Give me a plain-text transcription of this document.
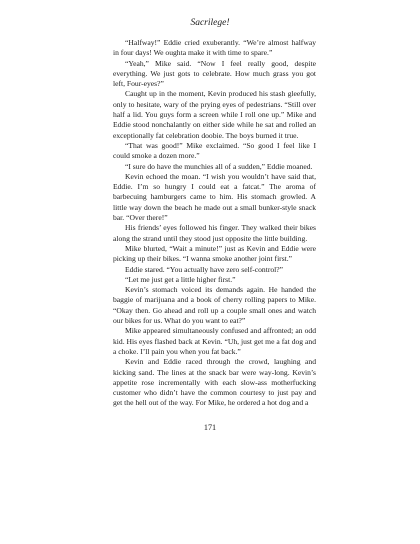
Sacrilege!

“Halfway!” Eddie cried exuberantly. “We’re almost halfway in four days! We oughta make it with time to spare.”

“Yeah,” Mike said. “Now I feel really good, despite everything. We just gots to celebrate. How much grass you got left, Four-eyes?”

Caught up in the moment, Kevin produced his stash gleefully, only to hesitate, wary of the prying eyes of pedestrians. “Still over half a lid. You guys form a screen while I roll one up.” Mike and Eddie stood nonchalantly on either side while he sat and rolled an exceptionally fat celebration doobie. The boys burned it true.

“That was good!” Mike exclaimed. “So good I feel like I could smoke a dozen more.”

“I sure do have the munchies all of a sudden,” Eddie moaned.

Kevin echoed the moan. “I wish you wouldn’t have said that, Eddie. I’m so hungry I could eat a fatcat.” The aroma of barbecuing hamburgers came to him. His stomach growled. A little way down the beach he made out a small bunker-style snack bar. “Over there!”

His friends’ eyes followed his finger. They walked their bikes along the strand until they stood just opposite the little building.

Mike blurted, “Wait a minute!” just as Kevin and Eddie were picking up their bikes. “I wanna smoke another joint first.”

Eddie stared. “You actually have zero self-control?”

“Let me just get a little higher first.”

Kevin’s stomach voiced its demands again. He handed the baggie of marijuana and a book of cherry rolling papers to Mike. “Okay then. Go ahead and roll up a couple small ones and watch our bikes for us. What do you want to eat?”

Mike appeared simultaneously confused and affronted; an odd kid. His eyes flashed back at Kevin. “Uh, just get me a fat dog and a choke. I’ll pain you when you fat back.”

Kevin and Eddie raced through the crowd, laughing and kicking sand. The lines at the snack bar were way-long. Kevin’s appetite rose incrementally with each slow-ass motherfucking customer who didn’t have the common courtesy to just pay and get the hell out of the way. For Mike, he ordered a hot dog and a

171
